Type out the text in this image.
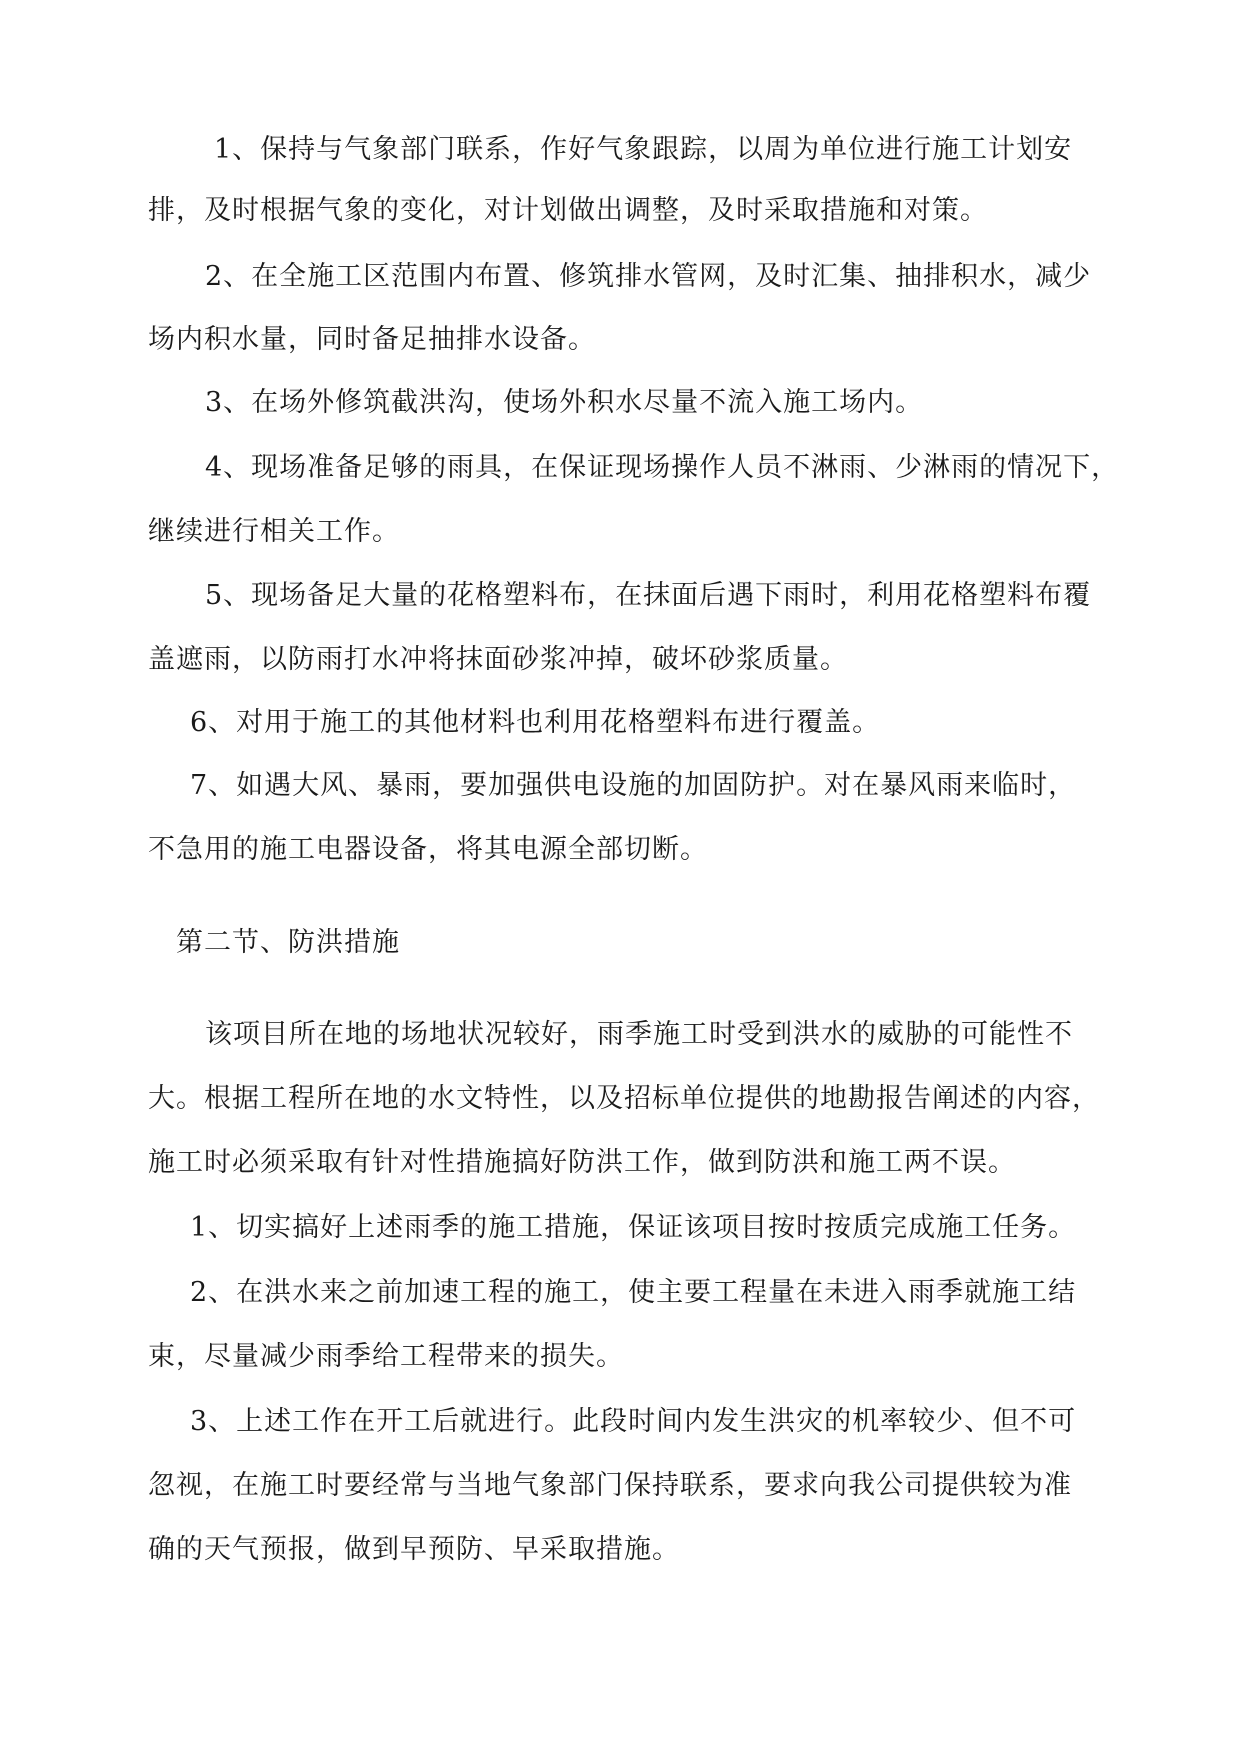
1、保持与气象部门联系，作好气象跟踪，以周为单位进行施工计划安
排，及时根据气象的变化，对计划做出调整，及时采取措施和对策。
2、在全施工区范围内布置、修筑排水管网，及时汇集、抽排积水，减少
场内积水量，同时备足抽排水设备。
3、在场外修筑截洪沟，使场外积水尽量不流入施工场内。
4、现场准备足够的雨具，在保证现场操作人员不淋雨、少淋雨的情况下，
继续进行相关工作。
5、现场备足大量的花格塑料布，在抹面后遇下雨时，利用花格塑料布覆
盖遮雨，以防雨打水冲将抹面砂浆冲掉，破坏砂浆质量。
6、对用于施工的其他材料也利用花格塑料布进行覆盖。
7、如遇大风、暴雨，要加强供电设施的加固防护。对在暴风雨来临时，
不急用的施工电器设备，将其电源全部切断。
第二节、防洪措施
该项目所在地的场地状况较好，雨季施工时受到洪水的威胁的可能性不
大。根据工程所在地的水文特性，以及招标单位提供的地勘报告阐述的内容，
施工时必须采取有针对性措施搞好防洪工作，做到防洪和施工两不误。
1、切实搞好上述雨季的施工措施，保证该项目按时按质完成施工任务。
2、在洪水来之前加速工程的施工，使主要工程量在未进入雨季就施工结
束，尽量减少雨季给工程带来的损失。
3、上述工作在开工后就进行。此段时间内发生洪灾的机率较少、但不可
忽视，在施工时要经常与当地气象部门保持联系，要求向我公司提供较为准
确的天气预报，做到早预防、早采取措施。
